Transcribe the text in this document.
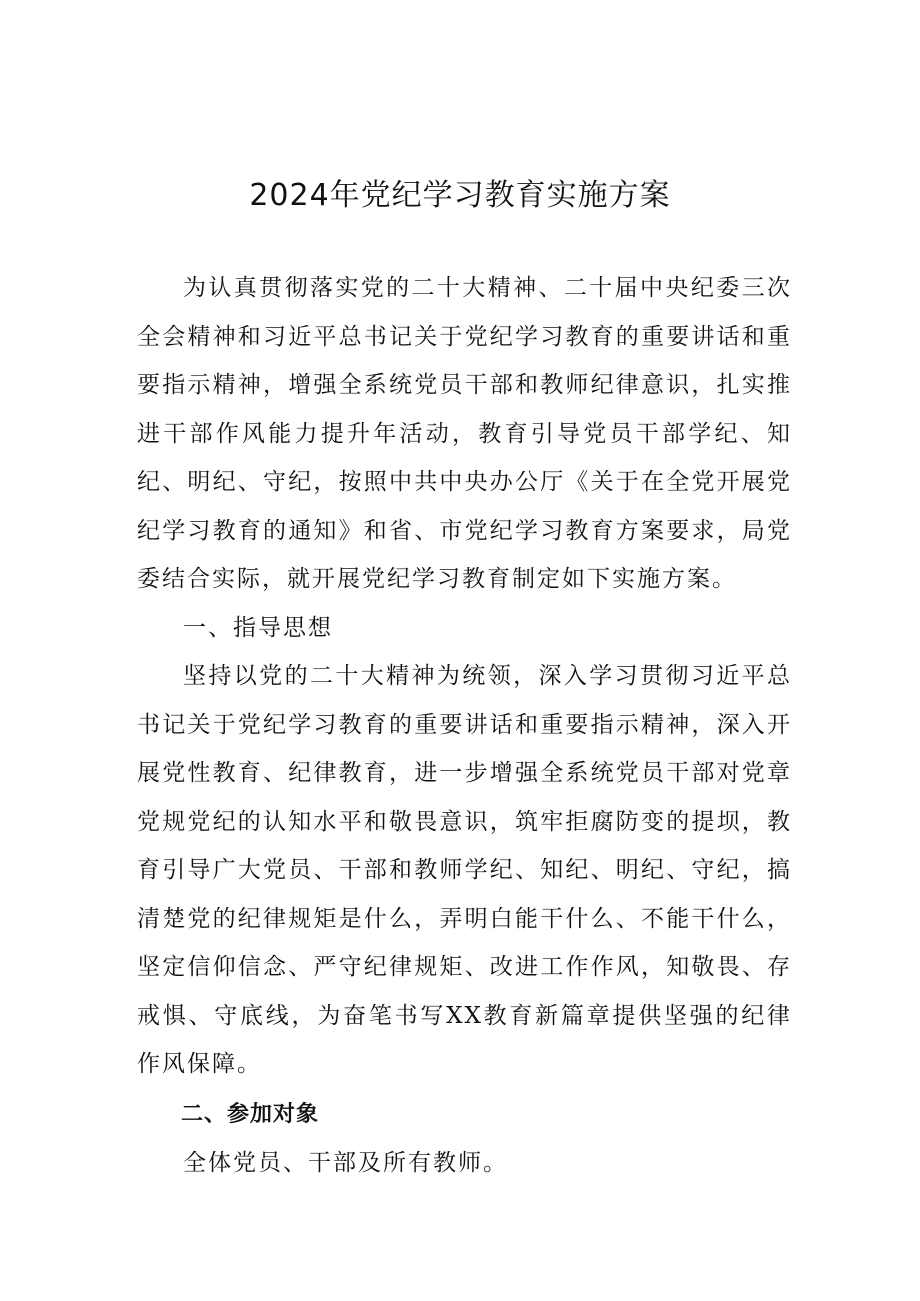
2024年党纪学习教育实施方案

为认真贯彻落实党的二十大精神、二十届中央纪委三次全会精神和习近平总书记关于党纪学习教育的重要讲话和重要指示精神，增强全系统党员干部和教师纪律意识，扎实推进干部作风能力提升年活动，教育引导党员干部学纪、知纪、明纪、守纪，按照中共中央办公厅《关于在全党开展党纪学习教育的通知》和省、市党纪学习教育方案要求，局党委结合实际，就开展党纪学习教育制定如下实施方案。

一、指导思想

坚持以党的二十大精神为统领，深入学习贯彻习近平总书记关于党纪学习教育的重要讲话和重要指示精神，深入开展党性教育、纪律教育，进一步增强全系统党员干部对党章党规党纪的认知水平和敬畏意识，筑牢拒腐防变的提坝，教育引导广大党员、干部和教师学纪、知纪、明纪、守纪，搞清楚党的纪律规矩是什么，弄明白能干什么、不能干什么，坚定信仰信念、严守纪律规矩、改进工作作风，知敬畏、存戒惧、守底线，为奋笔书写XX教育新篇章提供坚强的纪律作风保障。

二、参加对象

全体党员、干部及所有教师。
